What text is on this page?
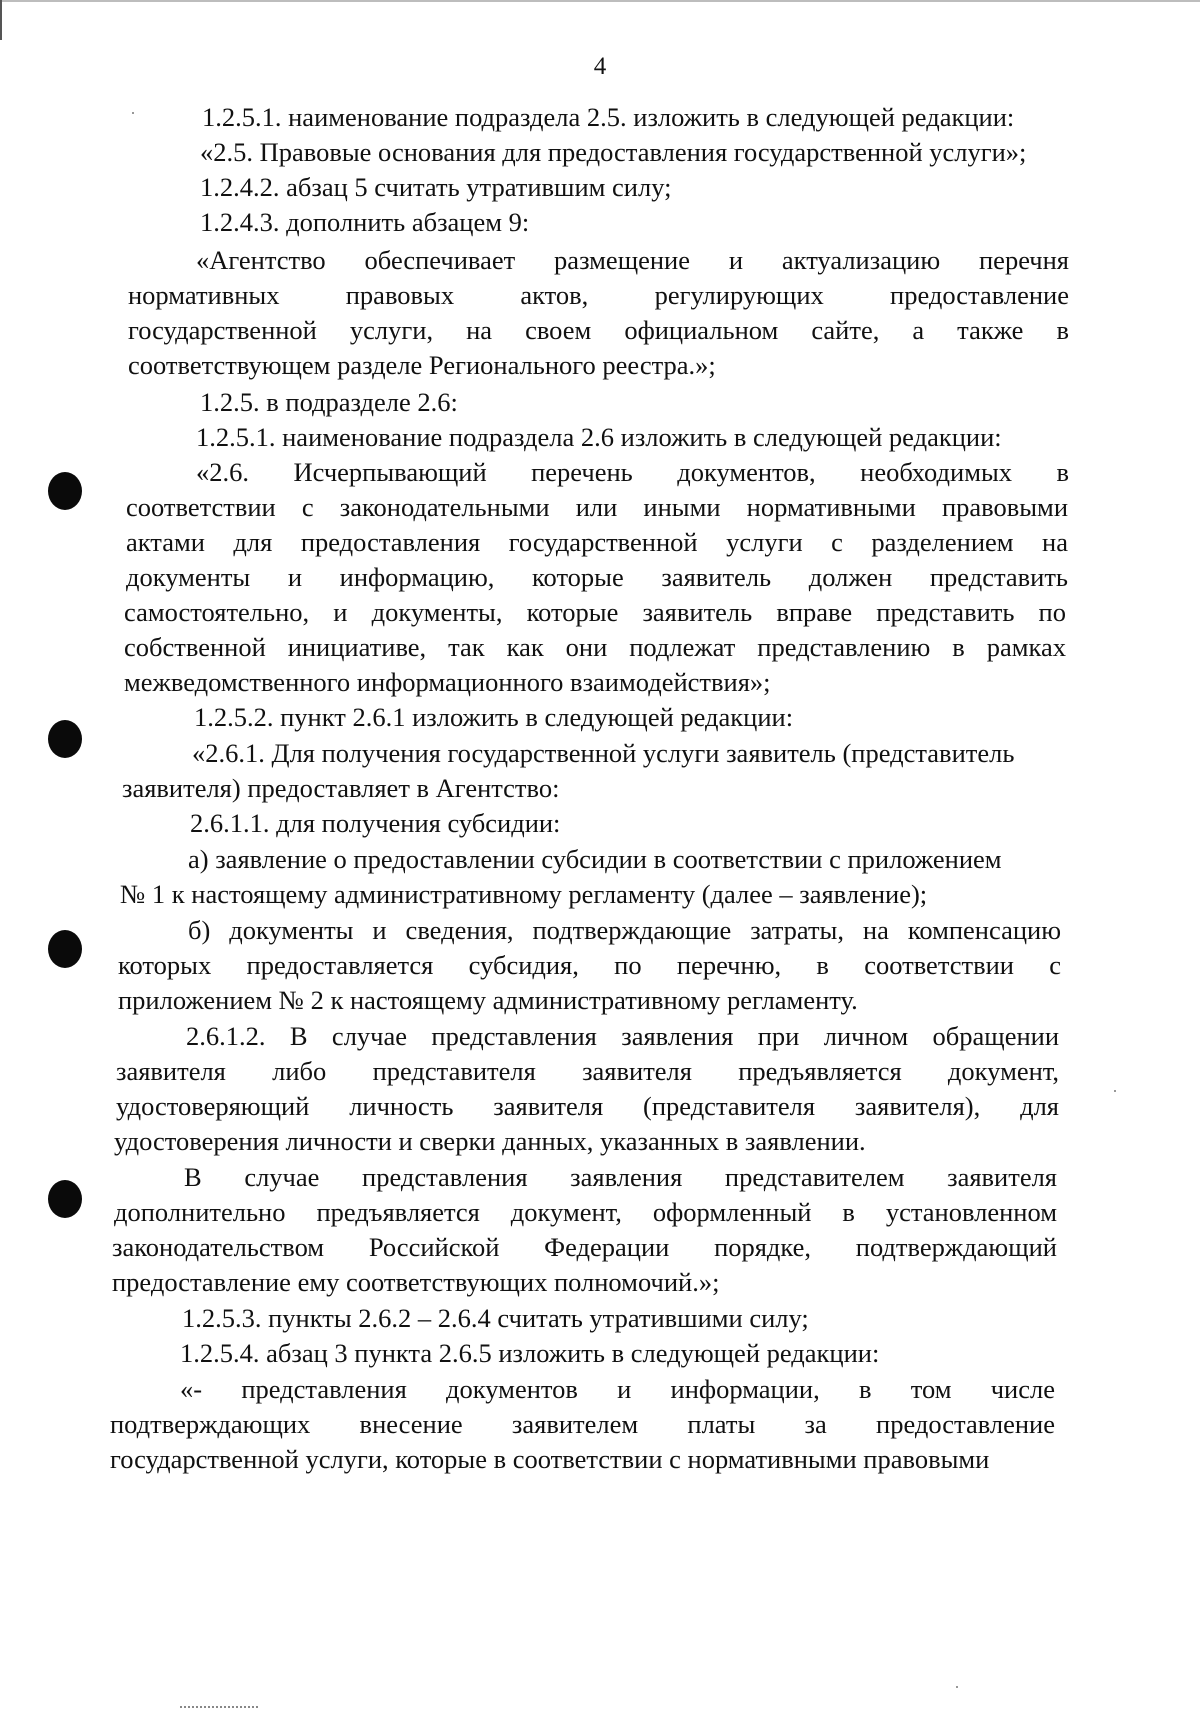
4
1.2.5.1. наименование подраздела 2.5. изложить в следующей редакции:
«2.5. Правовые основания для предоставления государственной услуги»;
1.2.4.2. абзац 5 считать утратившим силу;
1.2.4.3. дополнить абзацем 9:
«Агентство обеспечивает размещение и актуализацию перечня
нормативных правовых актов, регулирующих предоставление
государственной услуги, на своем официальном сайте, а также в
соответствующем разделе Регионального реестра.»;
1.2.5. в подразделе 2.6:
1.2.5.1. наименование подраздела 2.6 изложить в следующей редакции:
«2.6. Исчерпывающий перечень документов, необходимых в
соответствии с законодательными или иными нормативными правовыми
актами для предоставления государственной услуги с разделением на
документы и информацию, которые заявитель должен представить
самостоятельно, и документы, которые заявитель вправе представить по
собственной инициативе, так как они подлежат представлению в рамках
межведомственного информационного взаимодействия»;
1.2.5.2. пункт 2.6.1 изложить в следующей редакции:
«2.6.1. Для получения государственной услуги заявитель (представитель
заявителя) предоставляет в Агентство:
2.6.1.1. для получения субсидии:
а) заявление о предоставлении субсидии в соответствии с приложением
№ 1 к настоящему административному регламенту (далее – заявление);
б) документы и сведения, подтверждающие затраты, на компенсацию
которых предоставляется субсидия, по перечню, в соответствии с
приложением № 2 к настоящему административному регламенту.
2.6.1.2. В случае представления заявления при личном обращении
заявителя либо представителя заявителя предъявляется документ,
удостоверяющий личность заявителя (представителя заявителя), для
удостоверения личности и сверки данных, указанных в заявлении.
В случае представления заявления представителем заявителя
дополнительно предъявляется документ, оформленный в установленном
законодательством Российской Федерации порядке, подтверждающий
предоставление ему соответствующих полномочий.»;
1.2.5.3. пункты 2.6.2 – 2.6.4 считать утратившими силу;
1.2.5.4. абзац 3 пункта 2.6.5 изложить в следующей редакции:
«- представления документов и информации, в том числе
подтверждающих внесение заявителем платы за предоставление
государственной услуги, которые в соответствии с нормативными правовыми
